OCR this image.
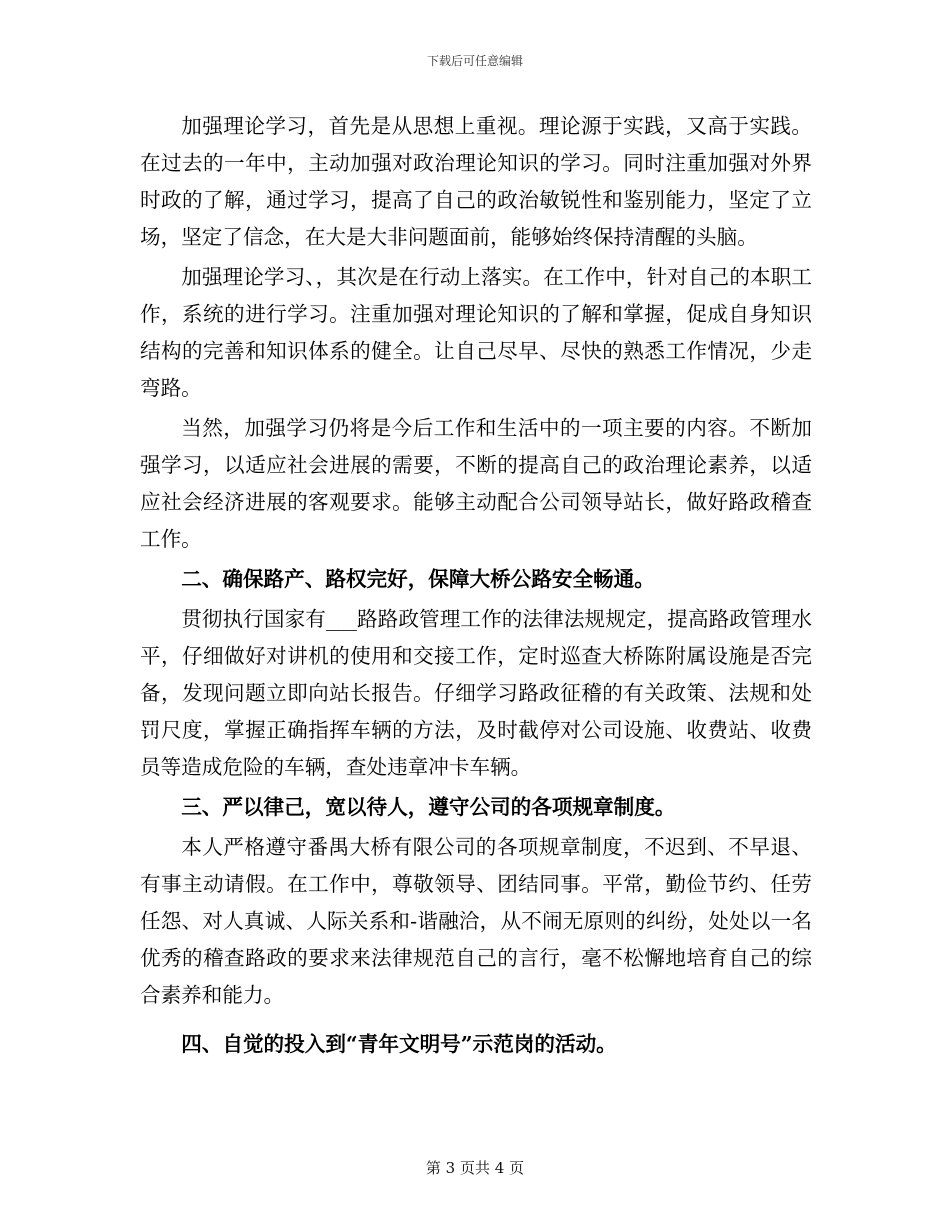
下载后可任意编辑

加强理论学习，首先是从思想上重视。理论源于实践，又高于实践。在过去的一年中，主动加强对政治理论知识的学习。同时注重加强对外界时政的了解，通过学习，提高了自己的政治敏锐性和鉴别能力，坚定了立场，坚定了信念，在大是大非问题面前，能够始终保持清醒的头脑。

加强理论学习、，其次是在行动上落实。在工作中，针对自己的本职工作，系统的进行学习。注重加强对理论知识的了解和掌握，促成自身知识结构的完善和知识体系的健全。让自己尽早、尽快的熟悉工作情况，少走弯路。

当然，加强学习仍将是今后工作和生活中的一项主要的内容。不断加强学习，以适应社会进展的需要，不断的提高自己的政治理论素养，以适应社会经济进展的客观要求。能够主动配合公司领导站长，做好路政稽查工作。

二、确保路产、路权完好，保障大桥公路安全畅通。

贯彻执行国家有___路路政管理工作的法律法规规定，提高路政管理水平，仔细做好对讲机的使用和交接工作，定时巡查大桥陈附属设施是否完备，发现问题立即向站长报告。仔细学习路政征稽的有关政策、法规和处罚尺度，掌握正确指挥车辆的方法，及时截停对公司设施、收费站、收费员等造成危险的车辆，查处违章冲卡车辆。

三、严以律己，宽以待人，遵守公司的各项规章制度。

本人严格遵守番禺大桥有限公司的各项规章制度，不迟到、不早退、有事主动请假。在工作中，尊敬领导、团结同事。平常，勤俭节约、任劳任怨、对人真诚、人际关系和-谐融洽，从不闹无原则的纠纷，处处以一名优秀的稽查路政的要求来法律规范自己的言行，毫不松懈地培育自己的综合素养和能力。

四、自觉的投入到“青年文明号”示范岗的活动。
第 3 页共 4 页
